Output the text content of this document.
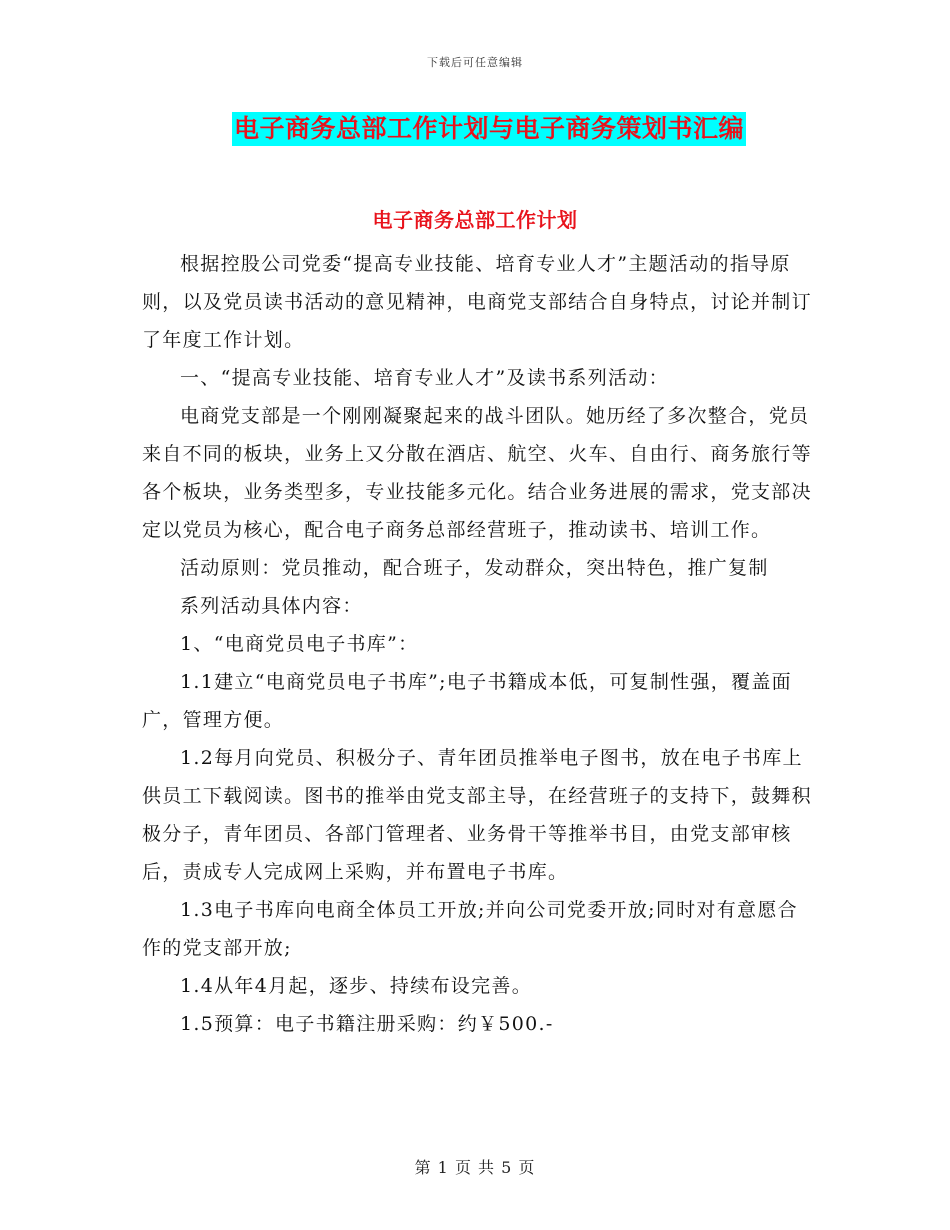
下载后可任意编辑
电子商务总部工作计划与电子商务策划书汇编
电子商务总部工作计划

根据控股公司党委“提高专业技能、培育专业人才”主题活动的指导原则，以及党员读书活动的意见精神，电商党支部结合自身特点，讨论并制订了年度工作计划。

一、“提高专业技能、培育专业人才”及读书系列活动：

电商党支部是一个刚刚凝聚起来的战斗团队。她历经了多次整合，党员来自不同的板块，业务上又分散在酒店、航空、火车、自由行、商务旅行等各个板块，业务类型多，专业技能多元化。结合业务进展的需求，党支部决定以党员为核心，配合电子商务总部经营班子，推动读书、培训工作。

活动原则：党员推动，配合班子，发动群众，突出特色，推广复制

系列活动具体内容：

1、“电商党员电子书库”：

1.1建立“电商党员电子书库”;电子书籍成本低，可复制性强，覆盖面广，管理方便。

1.2每月向党员、积极分子、青年团员推举电子图书，放在电子书库上供员工下载阅读。图书的推举由党支部主导，在经营班子的支持下，鼓舞积极分子，青年团员、各部门管理者、业务骨干等推举书目，由党支部审核后，责成专人完成网上采购，并布置电子书库。

1.3电子书库向电商全体员工开放;并向公司党委开放;同时对有意愿合作的党支部开放;

1.4从年4月起，逐步、持续布设完善。

1.5预算：电子书籍注册采购：约￥500.-

第 1 页 共 5 页
